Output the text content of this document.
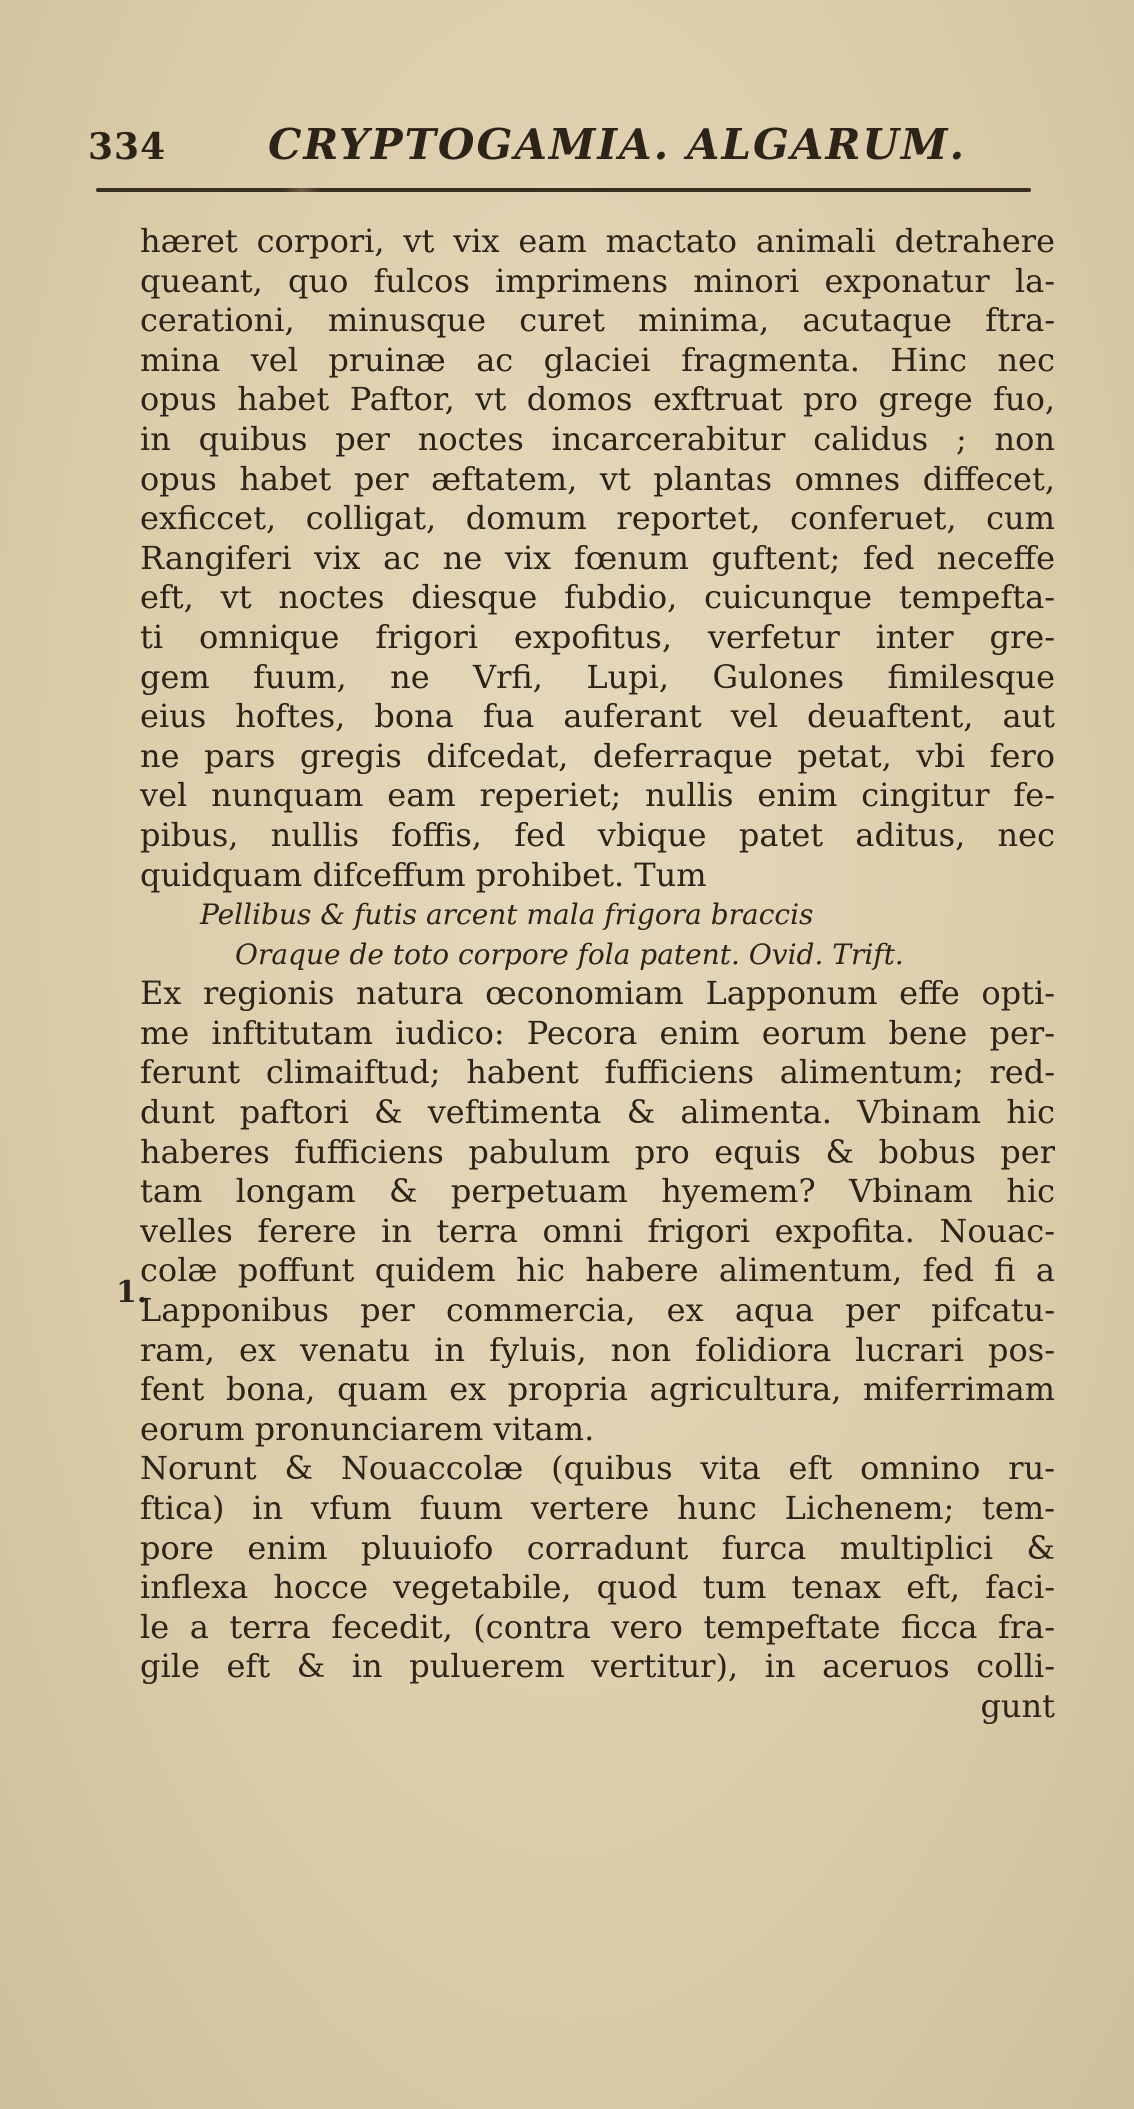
334 CRYPTOGAMIA. ALGARUM.
1.
hæret corpori, vt vix eam mactato animali detrahere
queant, quo fulcos imprimens minori exponatur la-
cerationi, minusque curet minima, acutaque ftra-
mina vel pruinæ ac glaciei fragmenta. Hinc nec
opus habet Paftor, vt domos exftruat pro grege fuo,
in quibus per noctes incarcerabitur calidus ; non
opus habet per æftatem, vt plantas omnes diffecet,
exficcet, colligat, domum reportet, conferuet, cum
Rangiferi vix ac ne vix fœnum guftent; fed neceffe
eft, vt noctes diesque fubdio, cuicunque tempefta-
ti omnique frigori expofitus, verfetur inter gre-
gem fuum, ne Vrfi, Lupi, Gulones fimilesque
eius hoftes, bona fua auferant vel deuaftent, aut
ne pars gregis difcedat, deferraque petat, vbi fero
vel nunquam eam reperiet; nullis enim cingitur fe-
pibus, nullis foffis, fed vbique patet aditus, nec
quidquam difceffum prohibet. Tum
Pellibus & futis arcent mala frigora braccis
Oraque de toto corpore fola patent. Ovid. Trift.
Ex regionis natura œconomiam Lapponum effe opti-
me inftitutam iudico: Pecora enim eorum bene per-
ferunt climaiftud; habent fufficiens alimentum; red-
dunt paftori & veftimenta & alimenta. Vbinam hic
haberes fufficiens pabulum pro equis & bobus per
tam longam & perpetuam hyemem? Vbinam hic
velles ferere in terra omni frigori expofita. Nouac-
colæ poffunt quidem hic habere alimentum, fed fi a
Lapponibus per commercia, ex aqua per pifcatu-
ram, ex venatu in fyluis, non folidiora lucrari pos-
fent bona, quam ex propria agricultura, miferrimam
eorum pronunciarem vitam.
Norunt & Nouaccolæ (quibus vita eft omnino ru-
ftica) in vfum fuum vertere hunc Lichenem; tem-
pore enim pluuiofo corradunt furca multiplici &
inflexa hocce vegetabile, quod tum tenax eft, faci-
le a terra fecedit, (contra vero tempeftate ficca fra-
gile eft & in puluerem vertitur), in aceruos colli-
gunt
